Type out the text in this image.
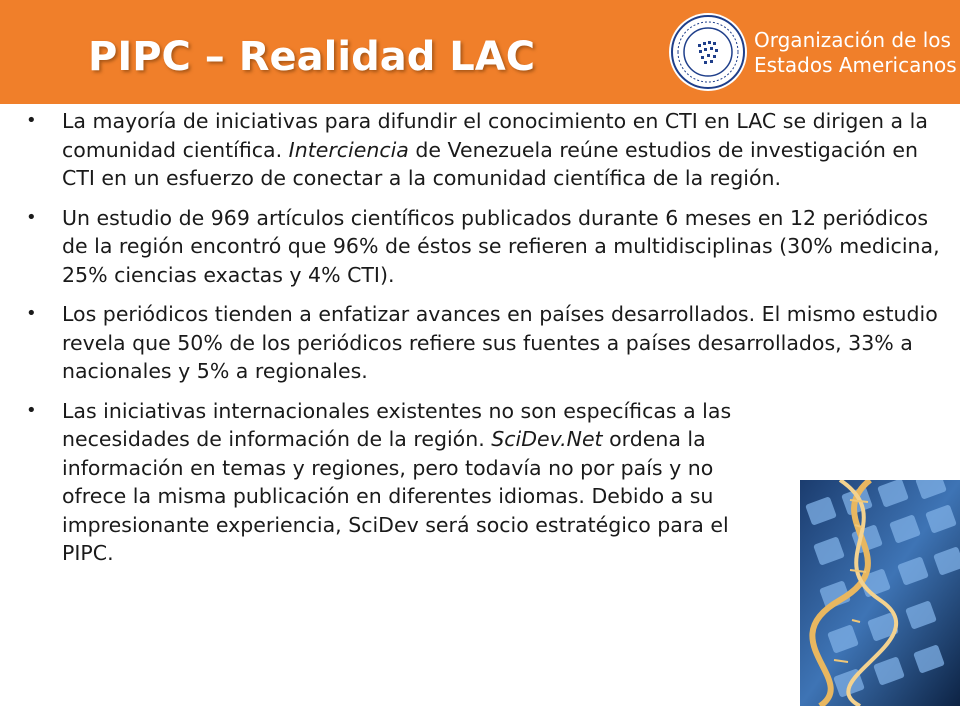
PIPC – Realidad LAC	Organización de los
Estados Americanos
• La mayoría de iniciativas para difundir el conocimiento en CTI en LAC se dirigen a la comunidad científica. Interciencia de Venezuela reúne estudios de investigación en CTI en un esfuerzo de conectar a la comunidad científica de la región.
• Un estudio de 969 artículos científicos publicados durante 6 meses en 12 periódicos de la región encontró que 96% de éstos se refieren a multidisciplinas (30% medicina, 25% ciencias exactas y 4% CTI).
• Los periódicos tienden a enfatizar avances en países desarrollados. El mismo estudio revela que 50% de los periódicos refiere sus fuentes a países desarrollados, 33% a nacionales y 5% a regionales.
• Las iniciativas internacionales existentes no son específicas a las necesidades de información de la región. SciDev.Net ordena la información en temas y regiones, pero todavía no por país y no ofrece la misma publicación en diferentes idiomas. Debido a su impresionante experiencia, SciDev será socio estratégico para el PIPC.
